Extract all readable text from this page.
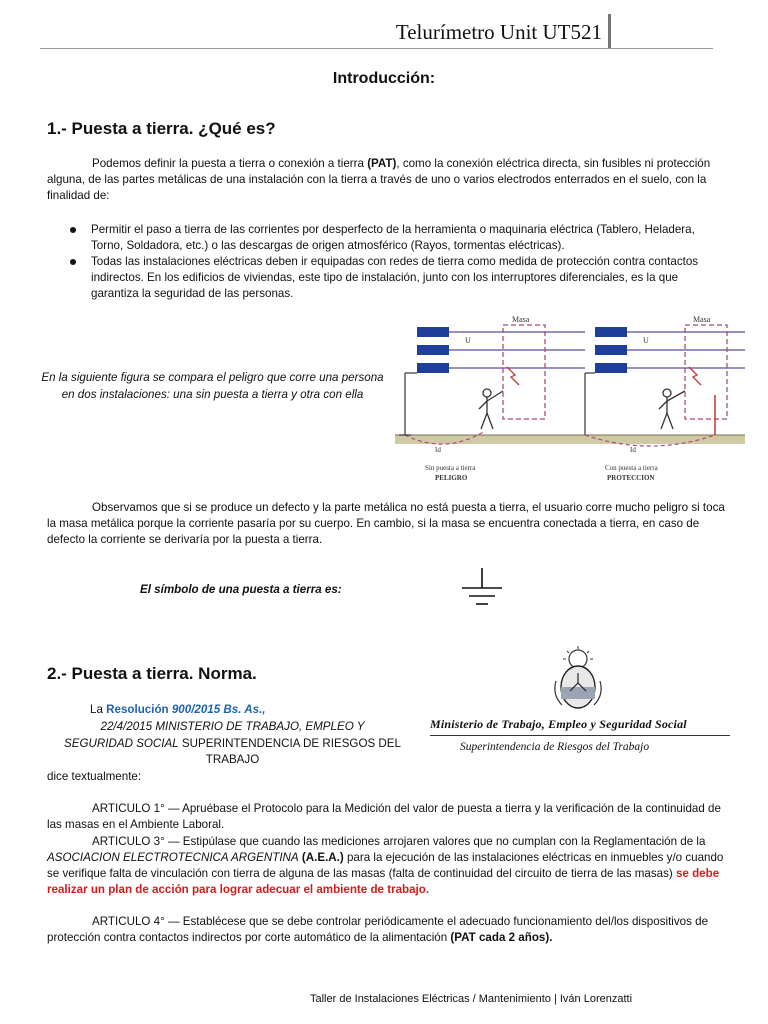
Telurímetro Unit UT521
Introducción:
1.- Puesta a tierra. ¿Qué es?
Podemos definir la puesta a tierra o conexión a tierra (PAT), como la conexión eléctrica directa, sin fusibles ni protección alguna, de las partes metálicas de una instalación con la tierra a través de uno o varios electrodos enterrados en el suelo, con la finalidad de:
Permitir el paso a tierra de las corrientes por desperfecto de la herramienta o maquinaria eléctrica (Tablero, Heladera, Torno, Soldadora, etc.) o las descargas de origen atmosférico (Rayos, tormentas eléctricas).
Todas las instalaciones eléctricas deben ir equipadas con redes de tierra como medida de protección contra contactos indirectos. En los edificios de viviendas, este tipo de instalación, junto con los interruptores diferenciales, es la que garantiza la seguridad de las personas.
En la siguiente figura se compara el peligro que corre una persona en dos instalaciones: una sin puesta a tierra y otra con ella
Masa
U
Id
Sin puesta a tierra
PELIGRO
Masa
U
Id
Con puesta a tierra
PROTECCION
Observamos que si se produce un defecto y la parte metálica no está puesta a tierra, el usuario corre mucho peligro si toca la masa metálica porque la corriente pasaría por su cuerpo. En cambio, si la masa se encuentra conectada a tierra, en caso de defecto la corriente se derivaría por la puesta a tierra.
El símbolo de una puesta a tierra es:
2.- Puesta a tierra. Norma.
La Resolución 900/2015 Bs. As.,
22/4/2015 MINISTERIO DE TRABAJO, EMPLEO Y
SEGURIDAD SOCIAL SUPERINTENDENCIA DE RIESGOS DEL
TRABAJO
dice textualmente:
Ministerio de Trabajo, Empleo y Seguridad Social
Superintendencia de Riesgos del Trabajo
ARTICULO 1° — Apruébase el Protocolo para la Medición del valor de puesta a tierra y la verificación de la continuidad de las masas en el Ambiente Laboral.
ARTICULO 3° — Estipúlase que cuando las mediciones arrojaren valores que no cumplan con la Reglamentación de la ASOCIACION ELECTROTECNICA ARGENTINA (A.E.A.) para la ejecución de las instalaciones eléctricas en inmuebles y/o cuando se verifique falta de vinculación con tierra de alguna de las masas (falta de continuidad del circuito de tierra de las masas) se debe realizar un plan de acción para lograr adecuar el ambiente de trabajo.
ARTICULO 4° — Establécese que se debe controlar periódicamente el adecuado funcionamiento del/los dispositivos de protección contra contactos indirectos por corte automático de la alimentación (PAT cada 2 años).
Taller de Instalaciones Eléctricas / Mantenimiento | Iván Lorenzatti
